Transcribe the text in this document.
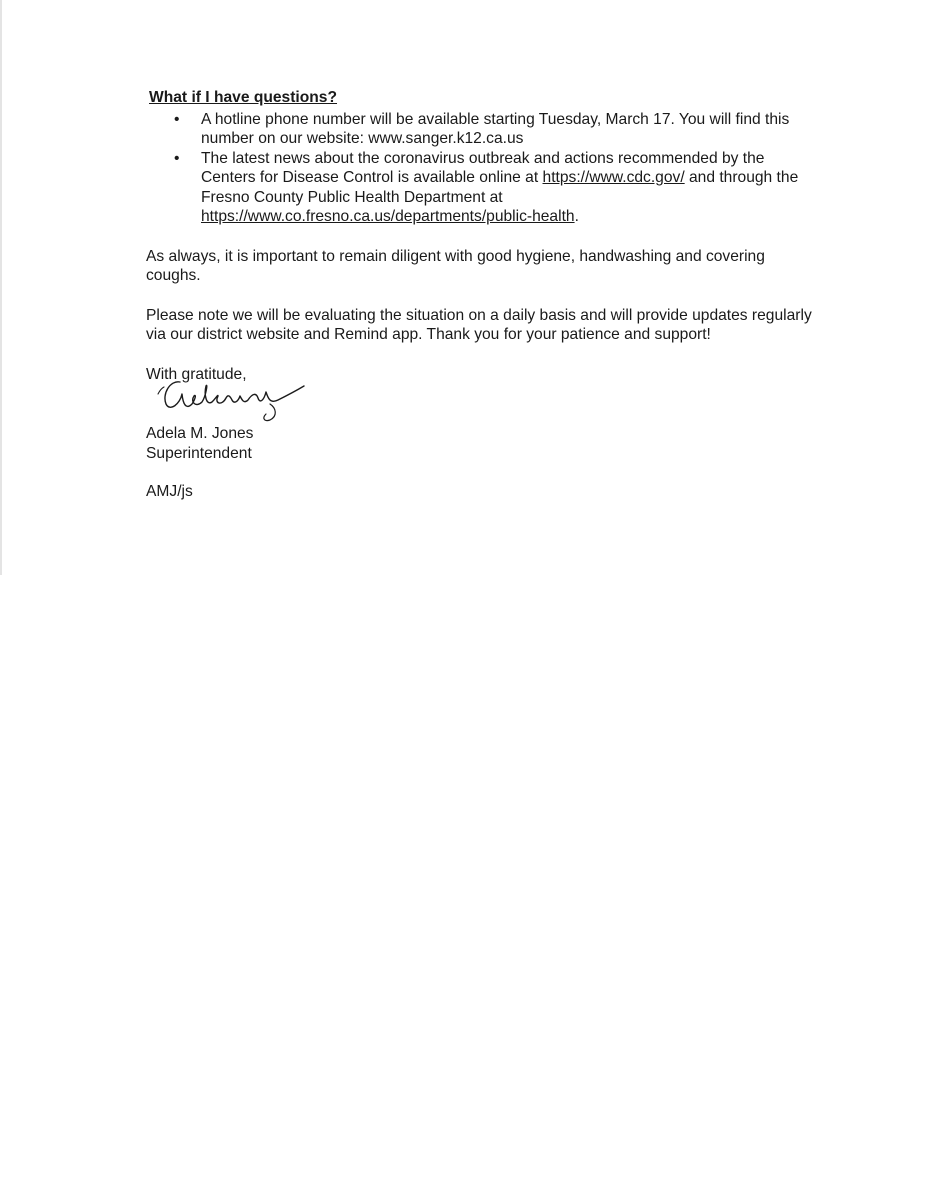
What if I have questions?
• A hotline phone number will be available starting Tuesday, March 17. You will find this number on our website: www.sanger.k12.ca.us
• The latest news about the coronavirus outbreak and actions recommended by the Centers for Disease Control is available online at https://www.cdc.gov/ and through the Fresno County Public Health Department at https://www.co.fresno.ca.us/departments/public-health.

As always, it is important to remain diligent with good hygiene, handwashing and covering coughs.

Please note we will be evaluating the situation on a daily basis and will provide updates regularly via our district website and Remind app. Thank you for your patience and support!

With gratitude,
Adela M. Jones
Superintendent

AMJ/js
